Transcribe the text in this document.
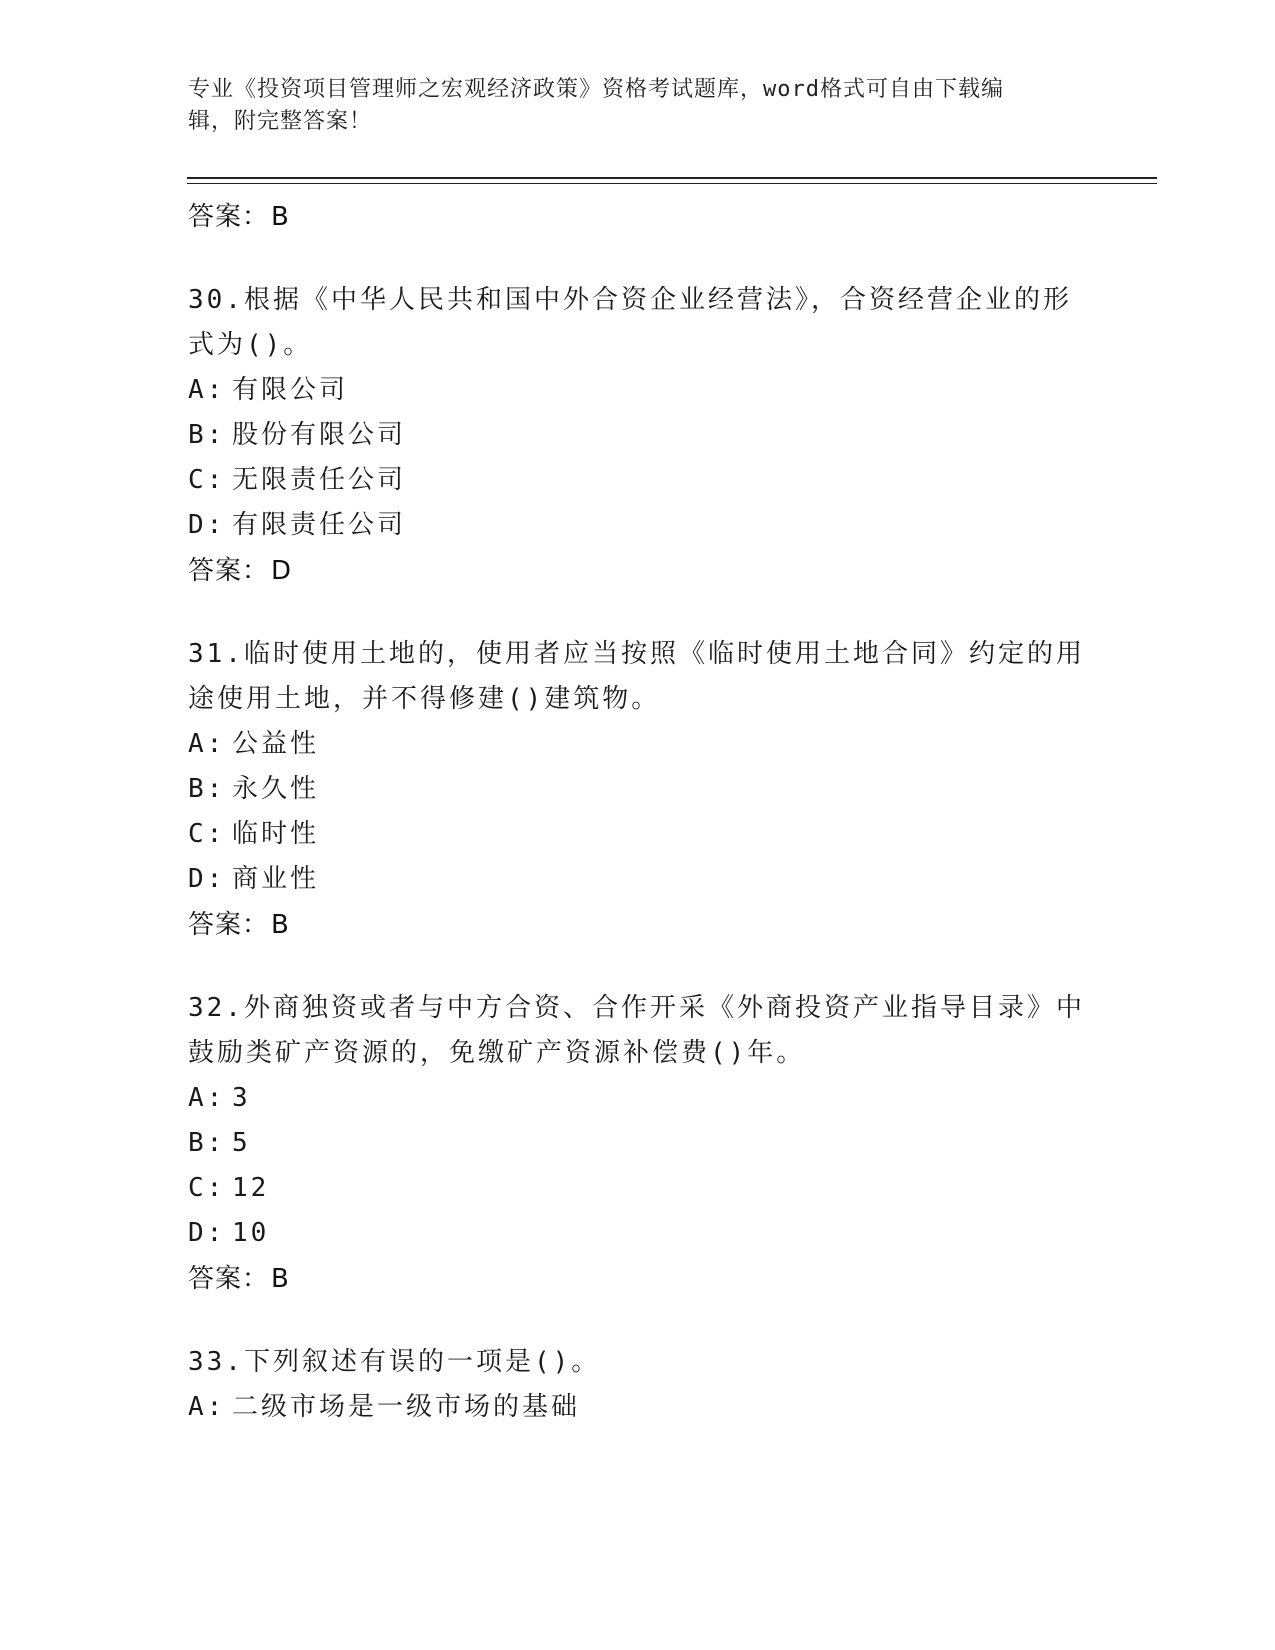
专业《投资项目管理师之宏观经济政策》资格考试题库，word格式可自由下载编
辑，附完整答案！
答案：B
30.根据《中华人民共和国中外合资企业经营法》，合资经营企业的形式为()。
A: 有限公司
B: 股份有限公司
C: 无限责任公司
D: 有限责任公司
答案：D
31.临时使用土地的，使用者应当按照《临时使用土地合同》约定的用途使用土地，并不得修建()建筑物。
A: 公益性
B: 永久性
C: 临时性
D: 商业性
答案：B
32.外商独资或者与中方合资、合作开采《外商投资产业指导目录》中鼓励类矿产资源的，免缴矿产资源补偿费()年。
A: 3
B: 5
C: 12
D: 10
答案：B
33.下列叙述有误的一项是()。
A: 二级市场是一级市场的基础
